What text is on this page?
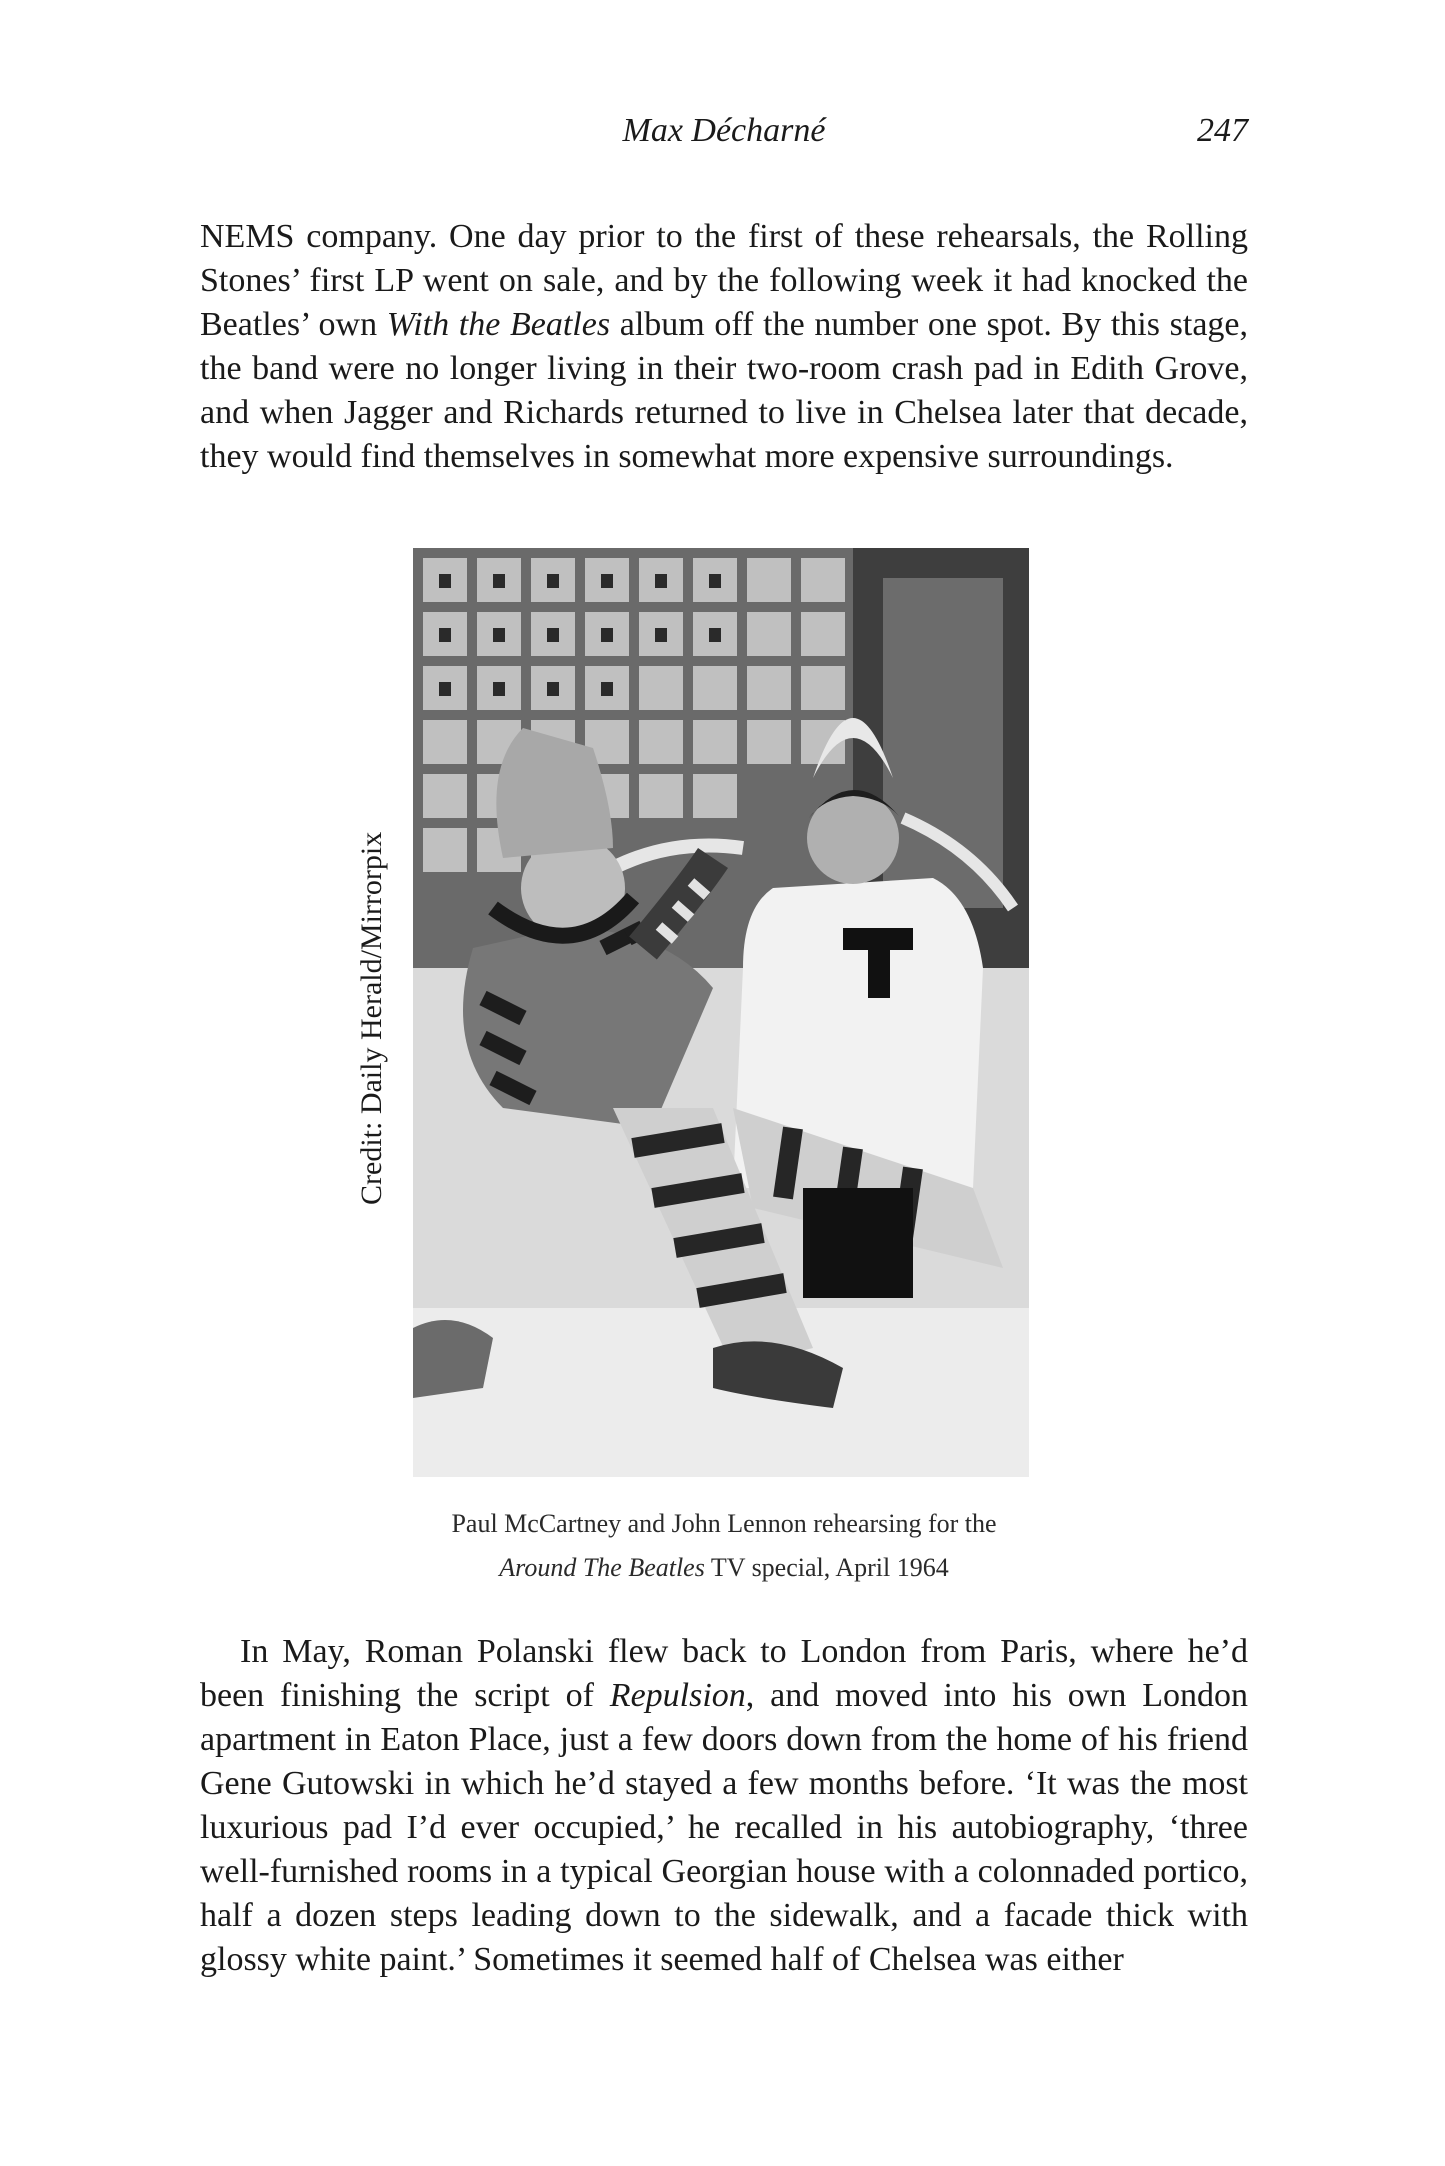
Max Décharné	247

NEMS company. One day prior to the first of these rehearsals, the Rolling Stones’ first LP went on sale, and by the following week it had knocked the Beatles’ own With the Beatles album off the number one spot. By this stage, the band were no longer living in their two-room crash pad in Edith Grove, and when Jagger and Richards returned to live in Chelsea later that decade, they would find themselves in somewhat more expensive surroundings.

Credit: Daily Herald/Mirrorpix
Paul McCartney and John Lennon rehearsing for the
Around The Beatles TV special, April 1964

In May, Roman Polanski flew back to London from Paris, where he’d been finishing the script of Repulsion, and moved into his own London apartment in Eaton Place, just a few doors down from the home of his friend Gene Gutowski in which he’d stayed a few months before. ‘It was the most luxurious pad I’d ever occupied,’ he recalled in his autobiography, ‘three well-furnished rooms in a typical Georgian house with a colonnaded portico, half a dozen steps leading down to the sidewalk, and a facade thick with glossy white paint.’ Sometimes it seemed half of Chelsea was either
